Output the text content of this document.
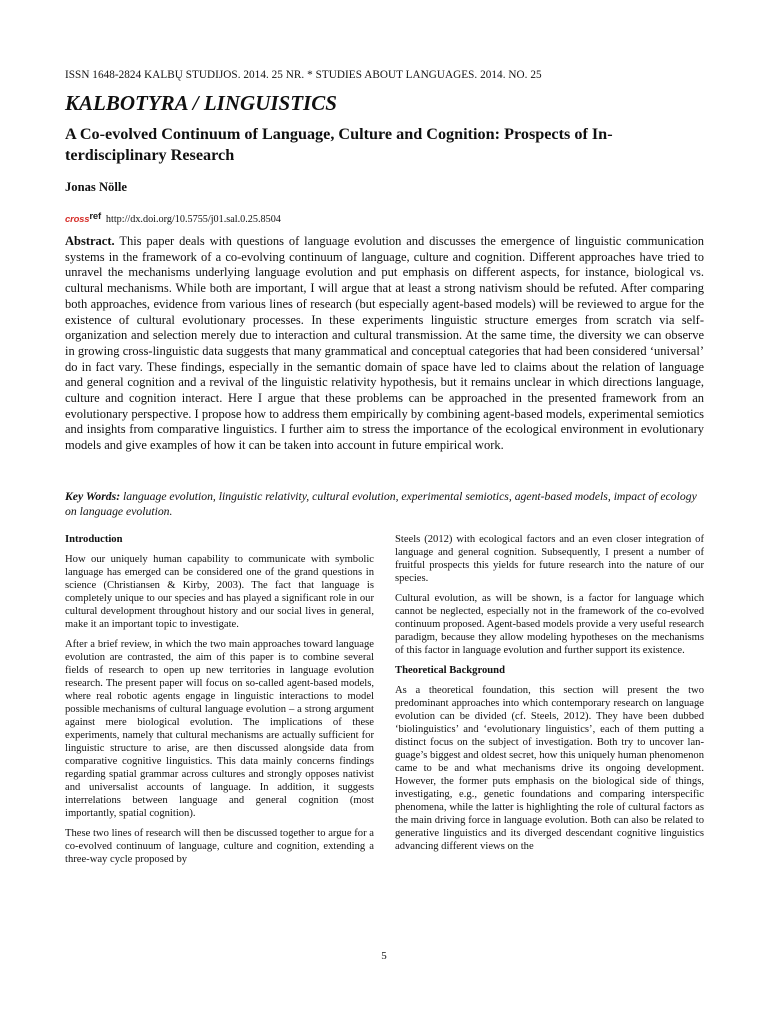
ISSN 1648-2824 KALBŲ STUDIJOS. 2014. 25 NR. * STUDIES ABOUT LANGUAGES. 2014. NO. 25
KALBOTYRA / LINGUISTICS
A Co-evolved Continuum of Language, Culture and Cognition: Prospects of Interdisciplinary Research
Jonas Nölle
crossref http://dx.doi.org/10.5755/j01.sal.0.25.8504
Abstract. This paper deals with questions of language evolution and discusses the emergence of linguistic communication systems in the framework of a co-evolving continuum of language, culture and cognition. Different approaches have tried to unravel the mechanisms underlying language evolution and put emphasis on different aspects, for instance, biological vs. cultural mechanisms. While both are important, I will argue that at least a strong nativism should be refuted. After comparing both approaches, evidence from various lines of research (but especially agent-based models) will be reviewed to argue for the existence of cultural evolutionary processes. In these experiments linguistic structure emerges from scratch via self-organization and selection merely due to interaction and cultural transmission. At the same time, the diversity we can observe in growing cross-linguistic data suggests that many grammatical and conceptual categories that had been considered ‘universal’ do in fact vary. These findings, especially in the semantic domain of space have led to claims about the relation of language and general cognition and a revival of the linguistic relativity hypothesis, but it remains unclear in which directions language, culture and cognition interact. Here I argue that these problems can be approached in the presented framework from an evolutionary perspective. I propose how to address them empirically by combining agent-based models, experimental semiotics and insights from comparative linguistics. I further aim to stress the importance of the ecological environment in evolutionary models and give examples of how it can be taken into account in future empirical work.
Key Words: language evolution, linguistic relativity, cultural evolution, experimental semiotics, agent-based models, impact of ecology on language evolution.
Introduction

How our uniquely human capability to communicate with symbolic language has emerged can be considered one of the grand questions in science (Christiansen & Kirby, 2003). The fact that language is completely unique to our species and has played a significant role in our cultural development throughout history and our social lives in general, make it an important topic to investigate.

After a brief review, in which the two main approaches toward language evolution are contrasted, the aim of this paper is to combine several fields of research to open up new territories in language evolution research. The present paper will focus on so-called agent-based models, where real robotic agents engage in linguistic interactions to model possible mechanisms of cultural language evolution – a strong argument against mere biological evolution. The implications of these experiments, namely that cultural mechanisms are actually sufficient for linguistic structure to arise, are then discussed alongside data from comparative cognitive linguistics. This data mainly concerns findings regarding spatial grammar across cultures and strongly opposes nativist and universalist accounts of language. In addition, it suggests interrelations between language and general cognition (most importantly, spatial cognition).

These two lines of research will then be discussed together to argue for a co-evolved continuum of language, culture and cognition, extending a three-way cycle proposed by

Steels (2012) with ecological factors and an even closer integration of language and general cognition. Subsequently, I present a number of fruitful prospects this yields for future research into the nature of our species.

Cultural evolution, as will be shown, is a factor for language which cannot be neglected, especially not in the framework of the co-evolved continuum proposed. Agent-based models provide a very useful research paradigm, because they allow modeling hypotheses on the mechanisms of this factor in language evolution and further support its existence.

Theoretical Background

As a theoretical foundation, this section will present the two predominant approaches into which contemporary research on language evolution can be divided (cf. Steels, 2012). They have been dubbed ‘biolinguistics’ and ‘evolutionary linguistics’, each of them putting a distinct focus on the subject of investigation. Both try to uncover language’s biggest and oldest secret, how this uniquely human phenomenon came to be and what mechanisms drive its ongoing development. However, the former puts emphasis on the biological side of things, investigating, e.g., genetic foundations and comparing interspecific phenomena, while the latter is highlighting the role of cultural factors as the main driving force in language evolution. Both can also be related to generative linguistics and its diverged descendant cognitive linguistics advancing different views on the

5
